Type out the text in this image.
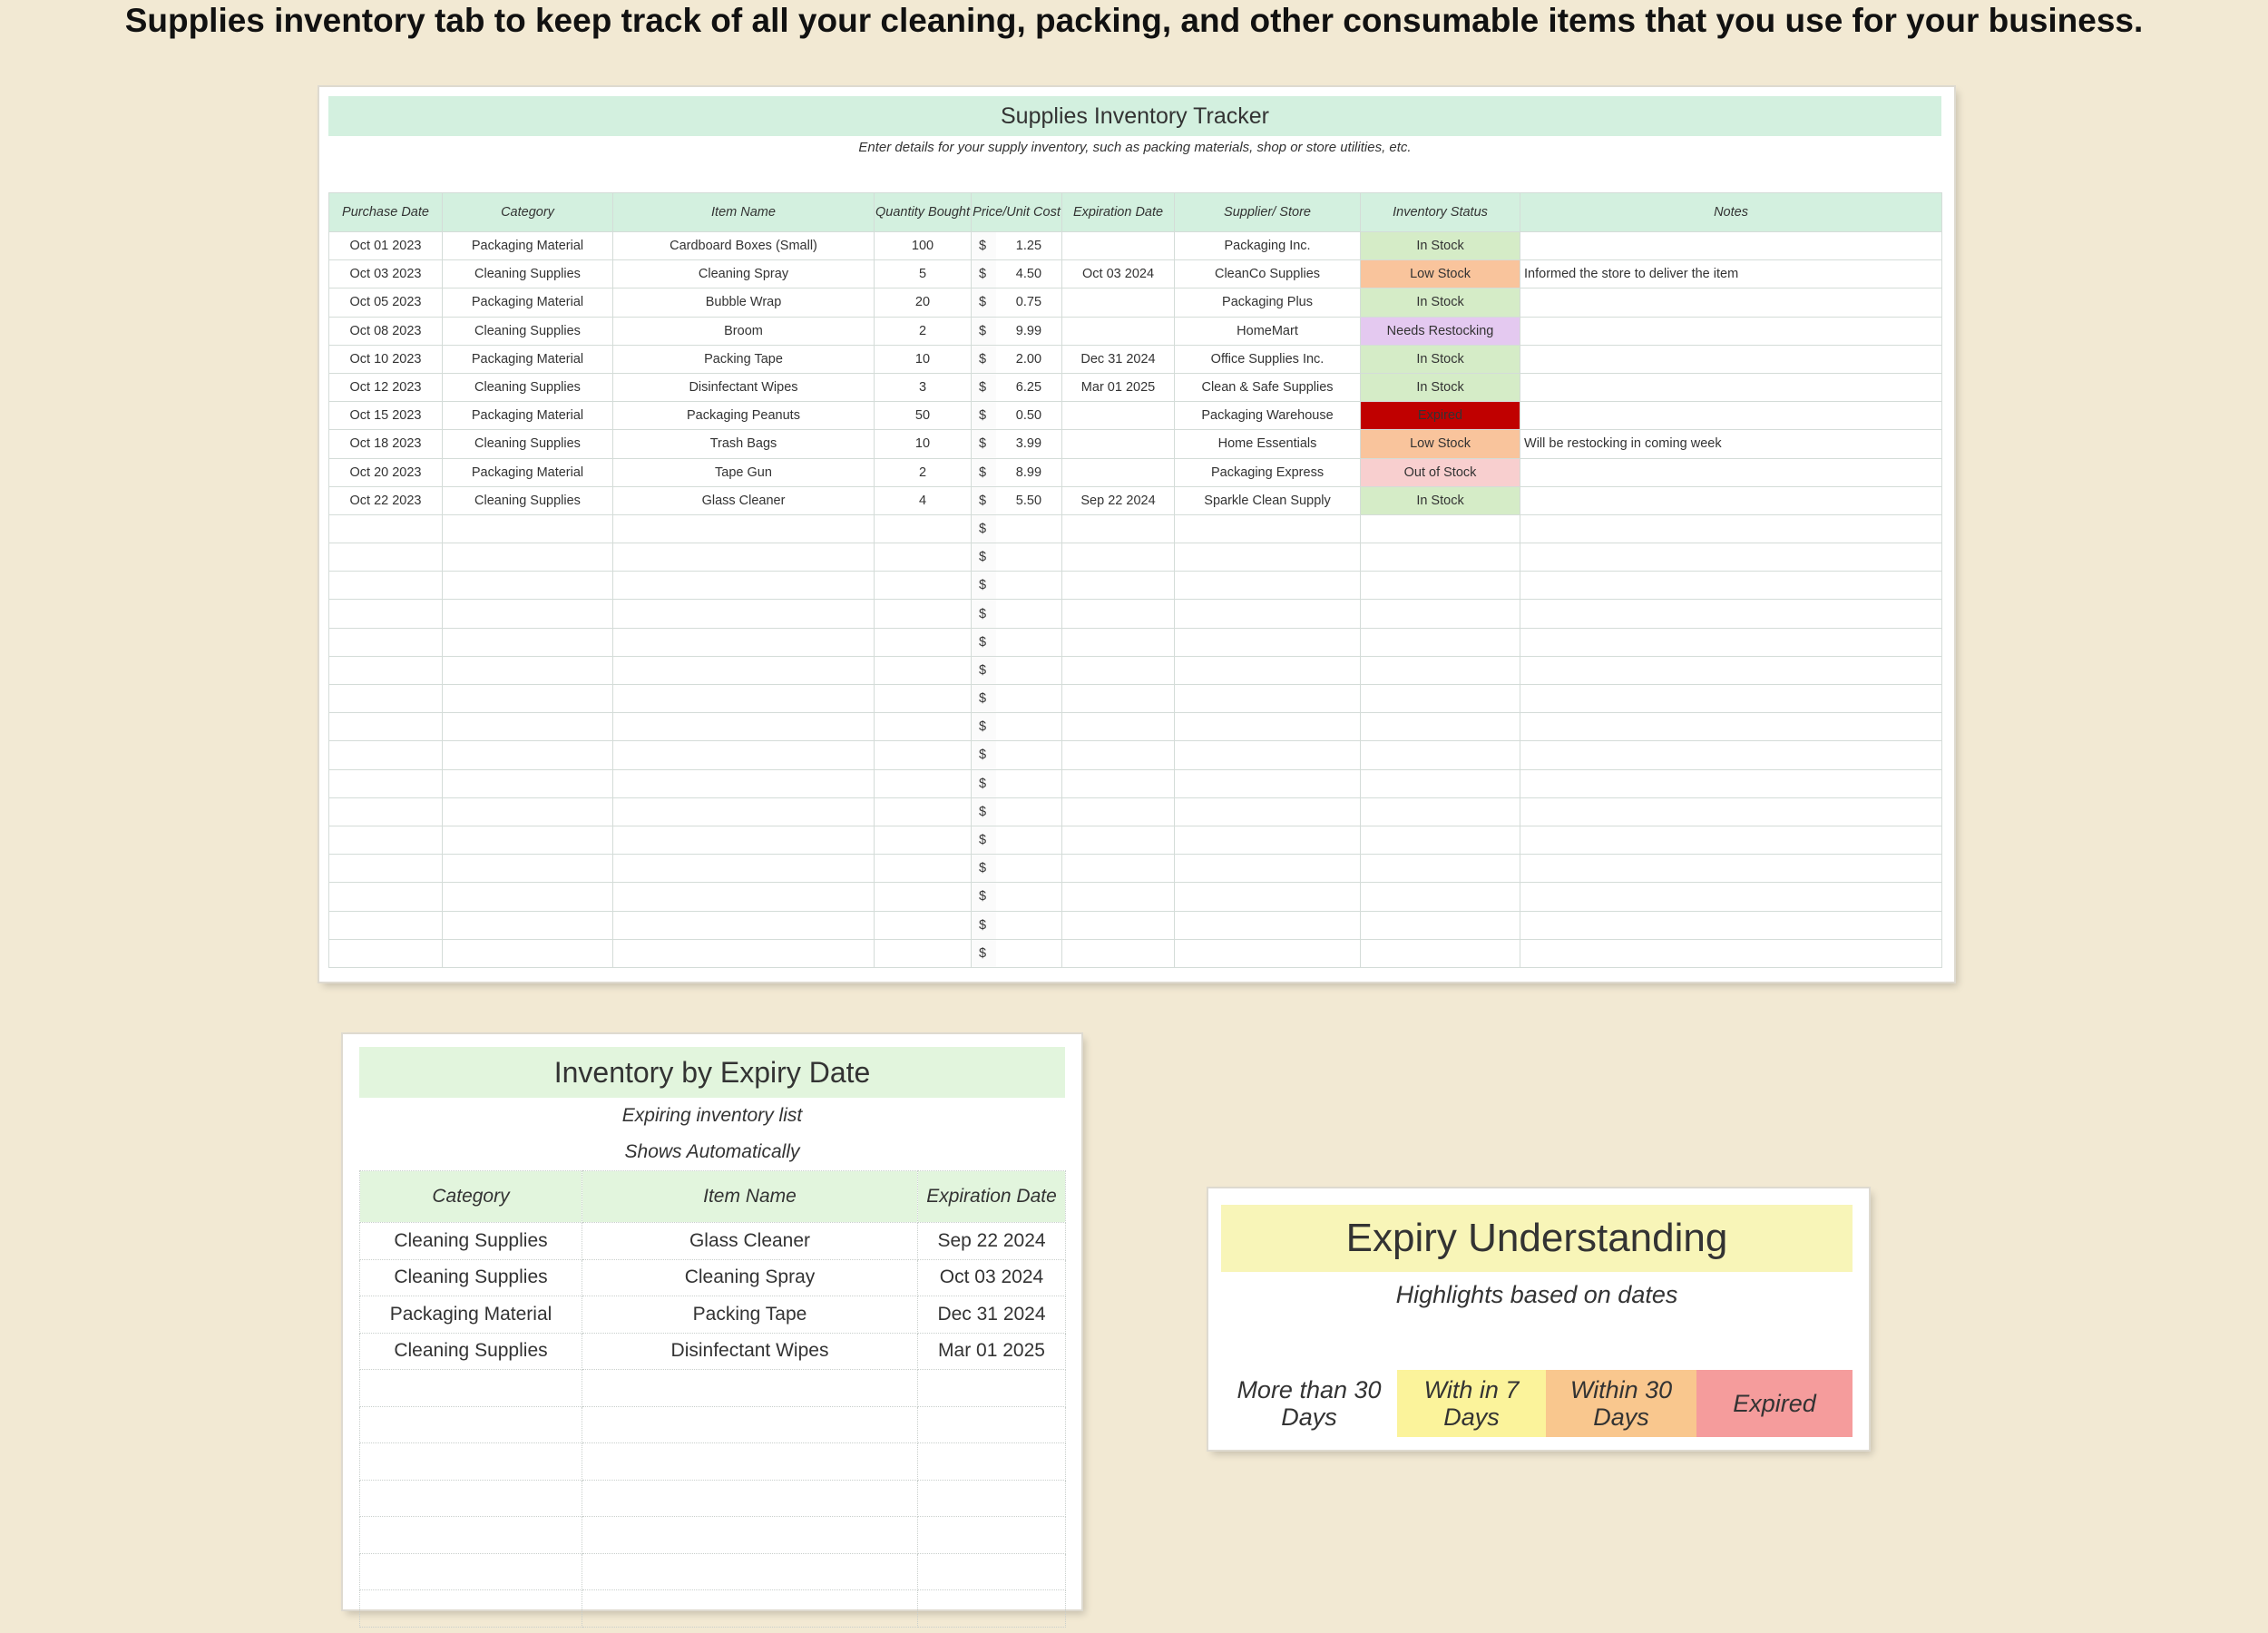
Supplies inventory tab to keep track of all your cleaning, packing, and other consumable items that you use for your business.
Supplies Inventory Tracker
Enter details for your supply inventory, such as packing materials, shop or store utilities, etc.
Purchase Date	Category	Item Name	Quantity Bought	Price/Unit Cost		Expiration Date	Supplier/ Store	Inventory Status	Notes
Oct 01 2023	Packaging Material	Cardboard Boxes (Small)	100	$	1.25		Packaging Inc.	In Stock	
Oct 03 2023	Cleaning Supplies	Cleaning Spray	5	$	4.50	Oct 03 2024	CleanCo Supplies	Low Stock	Informed the store to deliver the item
Oct 05 2023	Packaging Material	Bubble Wrap	20	$	0.75		Packaging Plus	In Stock	
Oct 08 2023	Cleaning Supplies	Broom	2	$	9.99		HomeMart	Needs Restocking	
Oct 10 2023	Packaging Material	Packing Tape	10	$	2.00	Dec 31 2024	Office Supplies Inc.	In Stock	
Oct 12 2023	Cleaning Supplies	Disinfectant Wipes	3	$	6.25	Mar 01 2025	Clean & Safe Supplies	In Stock	
Oct 15 2023	Packaging Material	Packaging Peanuts	50	$	0.50		Packaging Warehouse	Expired	
Oct 18 2023	Cleaning Supplies	Trash Bags	10	$	3.99		Home Essentials	Low Stock	Will be restocking in coming week
Oct 20 2023	Packaging Material	Tape Gun	2	$	8.99		Packaging Express	Out of Stock	
Oct 22 2023	Cleaning Supplies	Glass Cleaner	4	$	5.50	Sep 22 2024	Sparkle Clean Supply	In Stock	
				$					
				$					
				$					
				$					
				$					
				$					
				$					
				$					
				$					
				$					
				$					
				$					
				$					
				$					
				$					
				$					
Inventory by Expiry Date
Expiring inventory list
Shows Automatically
Category	Item Name	Expiration Date
Cleaning Supplies	Glass Cleaner	Sep 22 2024
Cleaning Supplies	Cleaning Spray	Oct 03 2024
Packaging Material	Packing Tape	Dec 31 2024
Cleaning Supplies	Disinfectant Wipes	Mar 01 2025

Expiry Understanding
Highlights based on dates
More than 30 Days
With in 7 Days
Within 30 Days	Expired
